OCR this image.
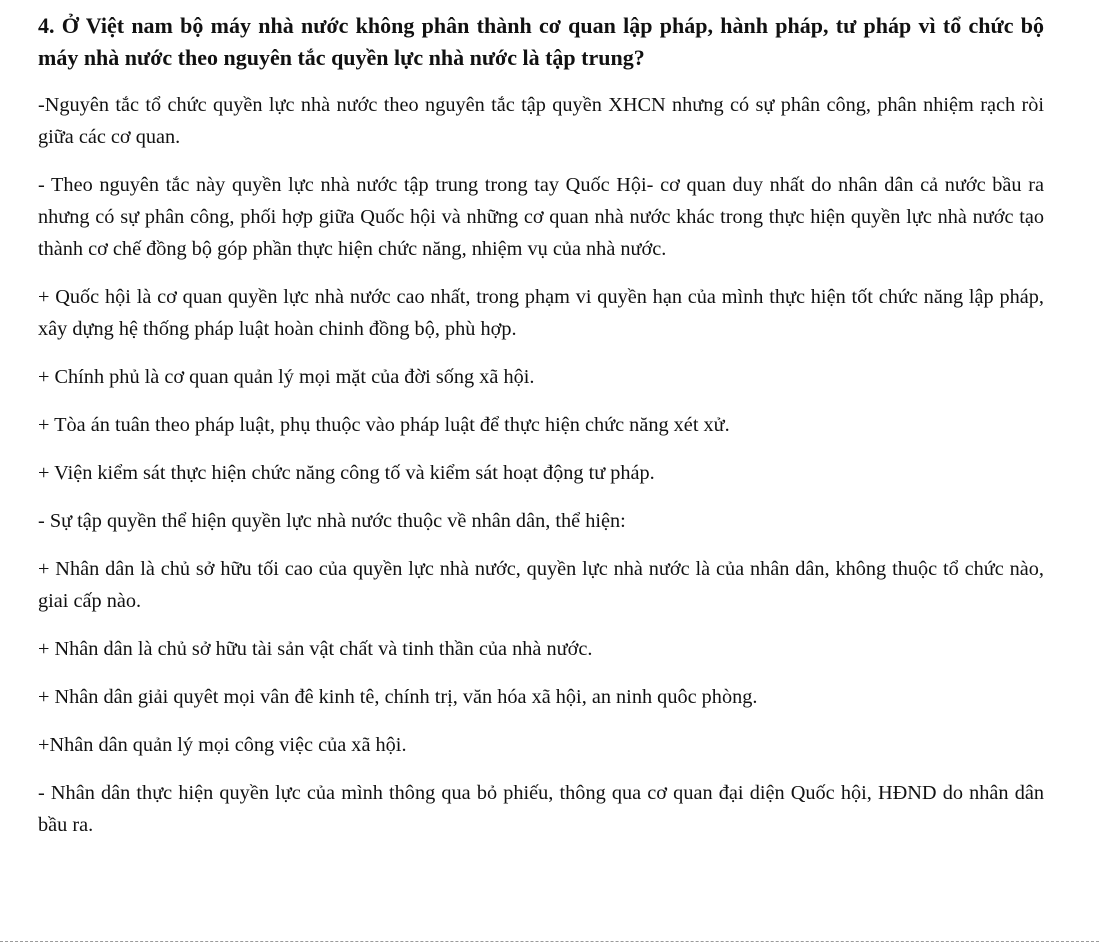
4. Ở Việt nam bộ máy nhà nước không phân thành cơ quan lập pháp, hành pháp, tư pháp vì tổ chức bộ máy nhà nước theo nguyên tắc quyền lực nhà nước là tập trung?

-Nguyên tắc tổ chức quyền lực nhà nước theo nguyên tắc tập quyền XHCN nhưng có sự phân công, phân nhiệm rạch ròi giữa các cơ quan.

- Theo nguyên tắc này quyền lực nhà nước tập trung trong tay Quốc Hội- cơ quan duy nhất do nhân dân cả nước bầu ra nhưng có sự phân công, phối hợp giữa Quốc hội và những cơ quan nhà nước khác trong thực hiện quyền lực nhà nước tạo thành cơ chế đồng bộ góp phần thực hiện chức năng, nhiệm vụ của nhà nước.

+ Quốc hội là cơ quan quyền lực nhà nước cao nhất, trong phạm vi quyền hạn của mình thực hiện tốt chức năng lập pháp, xây dựng hệ thống pháp luật hoàn chinh đồng bộ, phù hợp.

+ Chính phủ là cơ quan quản lý mọi mặt của đời sống xã hội.

+ Tòa án tuân theo pháp luật, phụ thuộc vào pháp luật để thực hiện chức năng xét xử.

+ Viện kiểm sát thực hiện chức năng công tố và kiểm sát hoạt động tư pháp.

- Sự tập quyền thể hiện quyền lực nhà nước thuộc về nhân dân, thể hiện:

+ Nhân dân là chủ sở hữu tối cao của quyền lực nhà nước, quyền lực nhà nước là của nhân dân, không thuộc tổ chức nào, giai cấp nào.

+ Nhân dân là chủ sở hữu tài sản vật chất và tinh thần của nhà nước.

+ Nhân dân giải quyêt mọi vân đê kinh tê, chính trị, văn hóa xã hội, an ninh quôc phòng.

+Nhân dân quản lý mọi công việc của xã hội.

- Nhân dân thực hiện quyền lực của mình thông qua bỏ phiếu, thông qua cơ quan đại diện Quốc hội, HĐND do nhân dân bầu ra.
